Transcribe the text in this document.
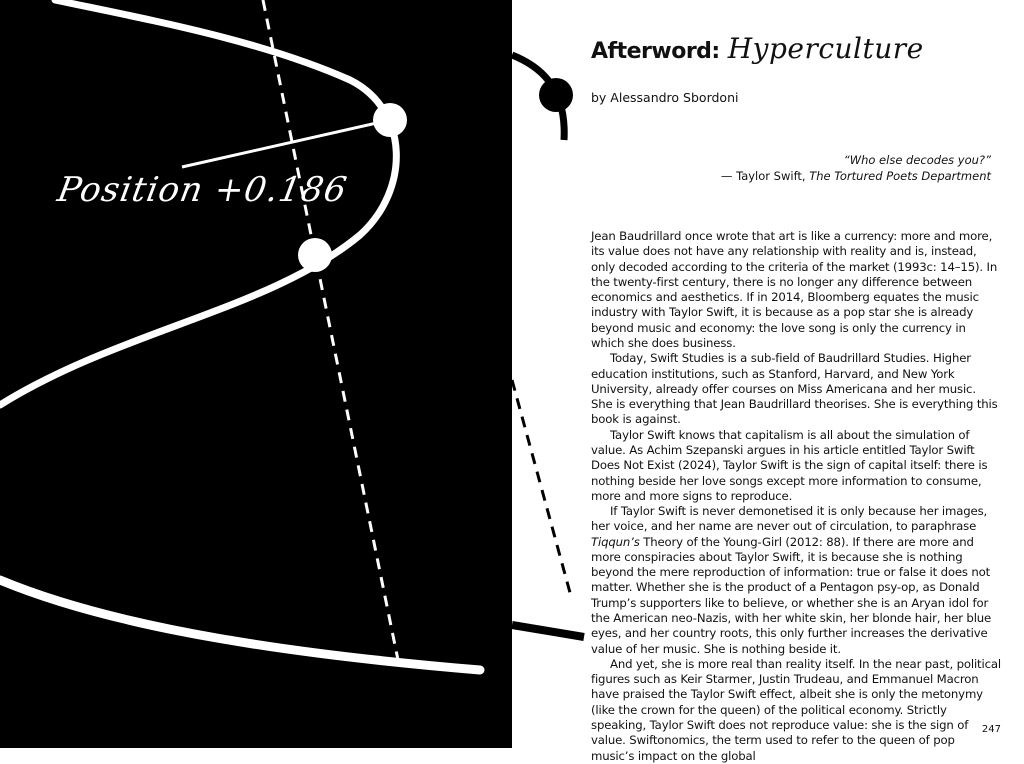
Position +0.186
Afterword: Hyperculture
by Alessandro Sbordoni
“Who else decodes you?”
— Taylor Swift, The Tortured Poets Department

Jean Baudrillard once wrote that art is like a currency: more and more, its value does not have any relationship with reality and is, instead, only decoded according to the criteria of the market (1993c: 14–15). In the twenty-first century, there is no longer any difference between economics and aesthetics. If in 2014, Bloomberg equates the music industry with Taylor Swift, it is because as a pop star she is already beyond music and economy: the love song is only the currency in which she does business.

Today, Swift Studies is a sub-field of Baudrillard Studies. Higher education institutions, such as Stanford, Harvard, and New York University, already offer courses on Miss Americana and her music. She is everything that Jean Baudrillard theorises. She is everything this book is against.

Taylor Swift knows that capitalism is all about the simulation of value. As Achim Szepanski argues in his article entitled Taylor Swift Does Not Exist (2024), Taylor Swift is the sign of capital itself: there is nothing beside her love songs except more information to consume, more and more signs to reproduce.

If Taylor Swift is never demonetised it is only because her images, her voice, and her name are never out of circulation, to paraphrase Tiqqun’s Theory of the Young-Girl (2012: 88). If there are more and more conspiracies about Taylor Swift, it is because she is nothing beyond the mere reproduction of information: true or false it does not matter. Whether she is the product of a Pentagon psy-op, as Donald Trump’s supporters like to believe, or whether she is an Aryan idol for the American neo-Nazis, with her white skin, her blonde hair, her blue eyes, and her country roots, this only further increases the derivative value of her music. She is nothing beside it.

And yet, she is more real than reality itself. In the near past, political figures such as Keir Starmer, Justin Trudeau, and Emmanuel Macron have praised the Taylor Swift effect, albeit she is only the metonymy (like the crown for the queen) of the political economy. Strictly speaking, Taylor Swift does not reproduce value: she is the sign of value. Swiftonomics, the term used to refer to the queen of pop music’s impact on the global

247
